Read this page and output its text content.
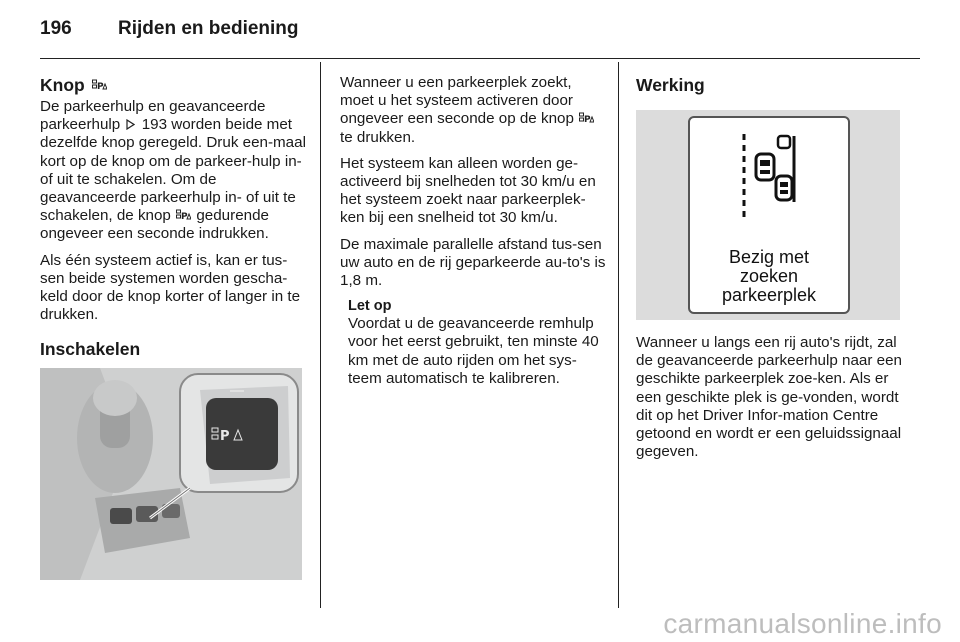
196	Rijden en bediening
Knop P

De parkeerhulp en geavanceerde parkeerhulp 193 worden beide met dezelfde knop geregeld. Druk een-maal kort op de knop om de parkeer-hulp in- of uit te schakelen. Om de geavanceerde parkeerhulp in- of uit te schakelen, de knop P gedurende ongeveer een seconde indrukken.

Als één systeem actief is, kan er tus-sen beide systemen worden gescha-keld door de knop korter of langer in te drukken.

Inschakelen
P

Wanneer u een parkeerplek zoekt, moet u het systeem activeren door ongeveer een seconde op de knop P
te drukken.

Het systeem kan alleen worden ge-activeerd bij snelheden tot 30 km/u en het systeem zoekt naar parkeerplek-ken bij een snelheid tot 30 km/u.

De maximale parallelle afstand tus-sen uw auto en de rij geparkeerde au-to's is 1,8 m.

Let op
Voordat u de geavanceerde remhulp voor het eerst gebruikt, ten minste 40 km met de auto rijden om het sys-teem automatisch te kalibreren.
Werking
Bezig met
zoeken
parkeerplek

Wanneer u langs een rij auto's rijdt, zal de geavanceerde parkeerhulp naar een geschikte parkeerplek zoe-ken. Als er een geschikte plek is ge-vonden, wordt dit op het Driver Infor-mation Centre getoond en wordt er een geluidssignaal gegeven.

carmanualsonline.info
